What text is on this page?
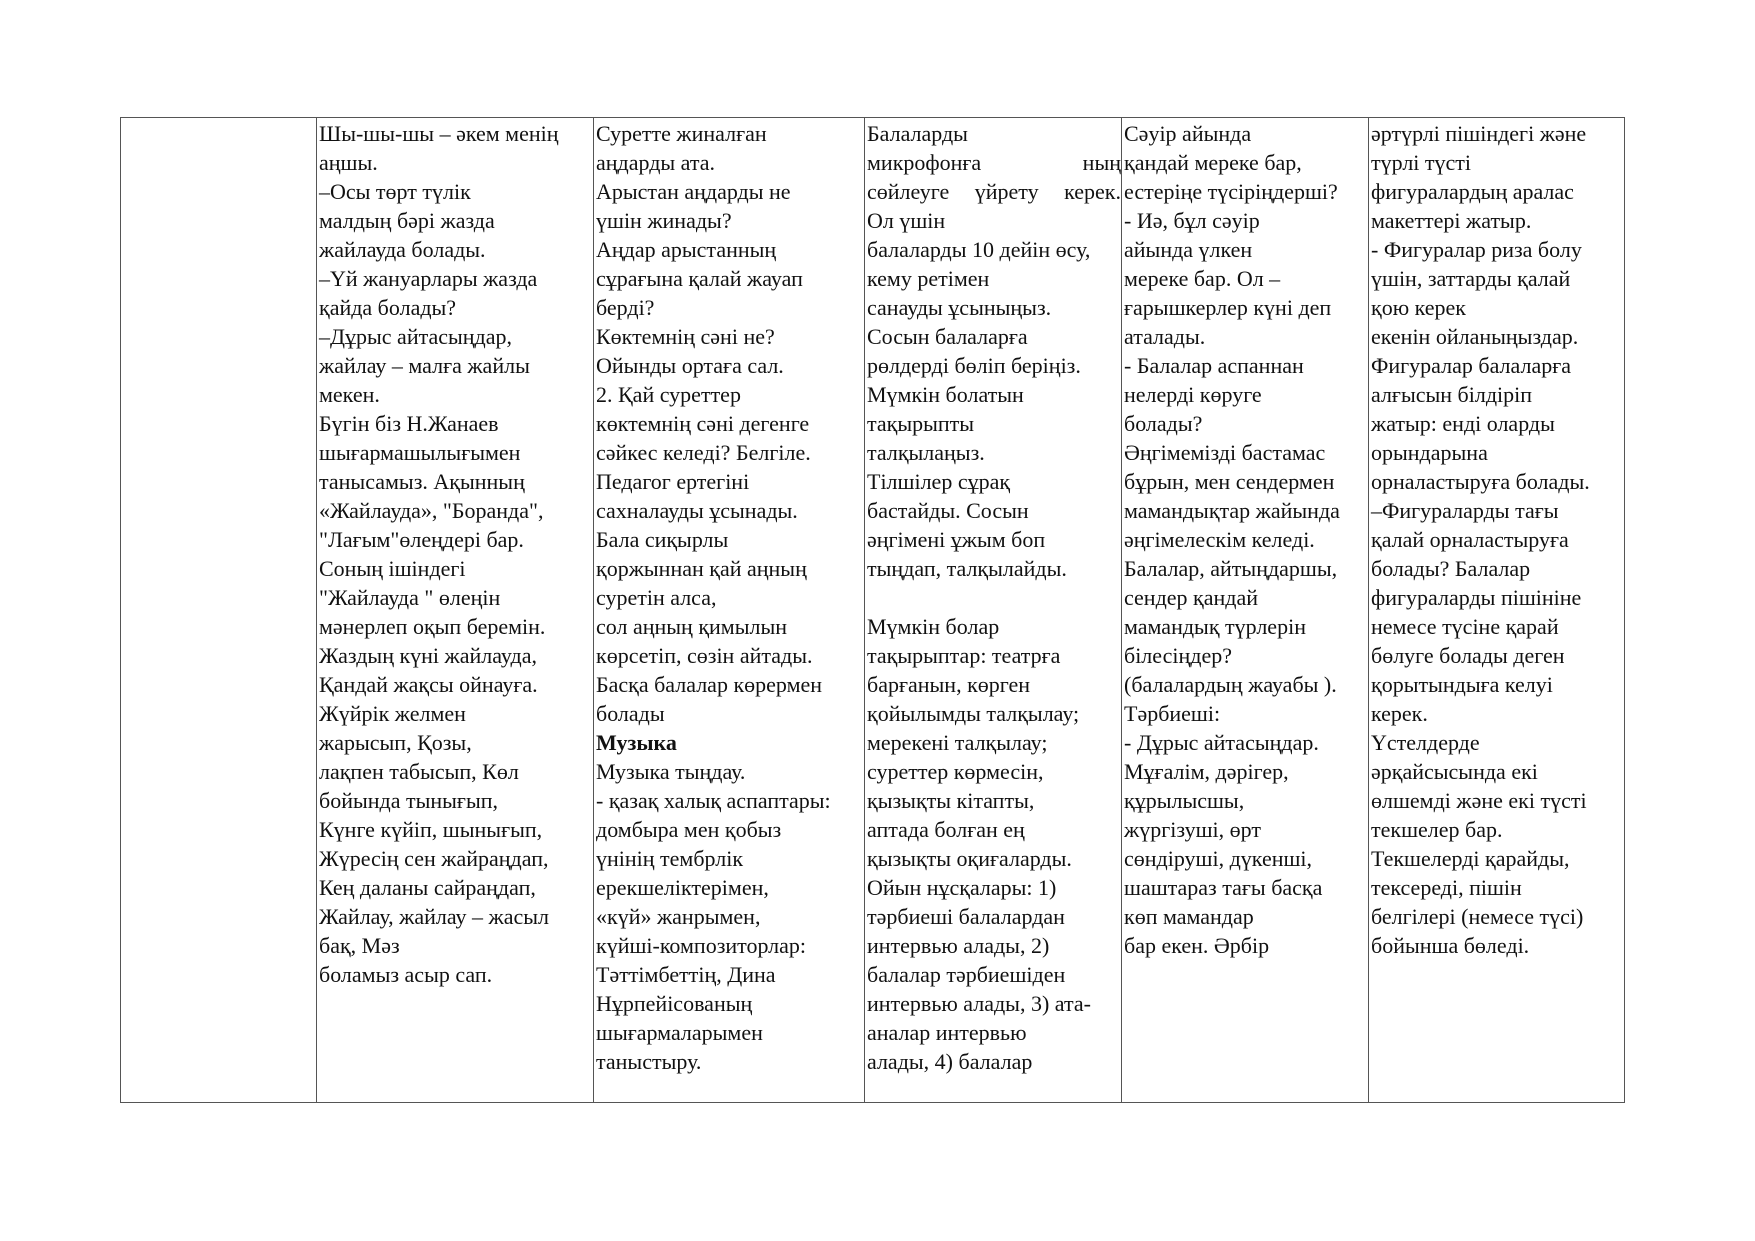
Шы-шы-шы – әкем менің
аңшы.
–Осы төрт түлік
малдың бәрі жазда
жайлауда болады.
–Үй жануарлары жазда
қайда болады?
–Дұрыс айтасыңдар,
жайлау – малға жайлы
мекен.
Бүгін біз Н.Жанаев
шығармашылығымен
танысамыз. Ақынның
«Жайлауда», "Боранда",
"Лағым"өлеңдері бар.
Соның ішіндегі
"Жайлауда " өлеңін
мәнерлеп оқып беремін.
Жаздың күні жайлауда,
Қандай жақсы ойнауға.
Жүйрік желмен
жарысып, Қозы,
лақпен табысып, Көл
бойында тынығып,
Күнге күйіп, шынығып,
Жүресің сен жайраңдап,
Кең даланы сайраңдап,
Жайлау, жайлау – жасыл
бақ, Мәз
боламыз асыр сап.
Суретте жиналған
аңдарды ата.
Арыстан аңдарды не
үшін жинады?
Аңдар арыстанның
сұрағына қалай жауап
берді?
Көктемнің сәні не?
Ойынды ортаға сал.
2. Қай суреттер
көктемнің сәні дегенге
сәйкес келеді? Белгіле.
Педагог ертегіні
сахналауды ұсынады.
Бала сиқырлы
қоржыннан қай аңның
суретін алса,
сол аңның қимылын
көрсетіп, сөзін айтады.
Басқа балалар көрермен
болады
Музыка
Музыка тыңдау.
- қазақ халық аспаптары:
домбыра мен қобыз
үнінің тембрлік
ерекшеліктерімен,
«күй» жанрымен,
күйші-композиторлар:
Тәттімбеттің, Дина
Нұрпейісованың
шығармаларымен
таныстыру.
Балаларды
микрофонға ның
сөйлеуге үйрету керек.
Ол үшін
балаларды 10 дейін өсу,
кему ретімен
санауды ұсыныңыз.
Сосын балаларға
рөлдерді бөліп беріңіз.
Мүмкін болатын
тақырыпты
талқылаңыз.
Тілшілер сұрақ
бастайды. Сосын
әңгімені ұжым боп
тыңдап, талқылайды.
Мүмкін болар
тақырыптар: театрға
барғанын, көрген
қойылымды талқылау;
мерекені талқылау;
суреттер көрмесін,
қызықты кітапты,
аптада болған ең
қызықты оқиғаларды.
Ойын нұсқалары: 1)
тәрбиеші балалардан
интервью алады, 2)
балалар тәрбиешіден
интервью алады, 3) ата-
аналар интервью
алады, 4) балалар
Сәуір айында
қандай мереке бар,
естеріңе түсіріңдерші?
- Иә, бұл сәуір
айында үлкен
мереке бар. Ол –
ғарышкерлер күні деп
аталады.
- Балалар аспаннан
нелерді көруге
болады?
Әңгімемізді бастамас
бұрын, мен сендермен
мамандықтар жайында
әңгімелескім келеді.
Балалар, айтыңдаршы,
сендер қандай
мамандық түрлерін
білесіңдер?
(балалардың жауабы ).
Тәрбиеші:
- Дұрыс айтасыңдар.
Мұғалім, дәрігер,
құрылысшы,
жүргізуші, өрт
сөндіруші, дүкенші,
шаштараз тағы басқа
көп мамандар
бар екен. Әрбір
әртүрлі пішіндегі және
түрлі түсті
фигуралардың аралас
макеттері жатыр.
- Фигуралар риза болу
үшін, заттарды қалай
қою керек
екенін ойланыңыздар.
Фигуралар балаларға
алғысын білдіріп
жатыр: енді оларды
орындарына
орналастыруға болады.
–Фигураларды тағы
қалай орналастыруға
болады? Балалар
фигураларды пішініне
немесе түсіне қарай
бөлуге болады деген
қорытындыға келуі
керек.
Үстелдерде
әрқайсысында екі
өлшемді және екі түсті
текшелер бар.
Текшелерді қарайды,
тексереді, пішін
белгілері (немесе түсі)
бойынша бөледі.
